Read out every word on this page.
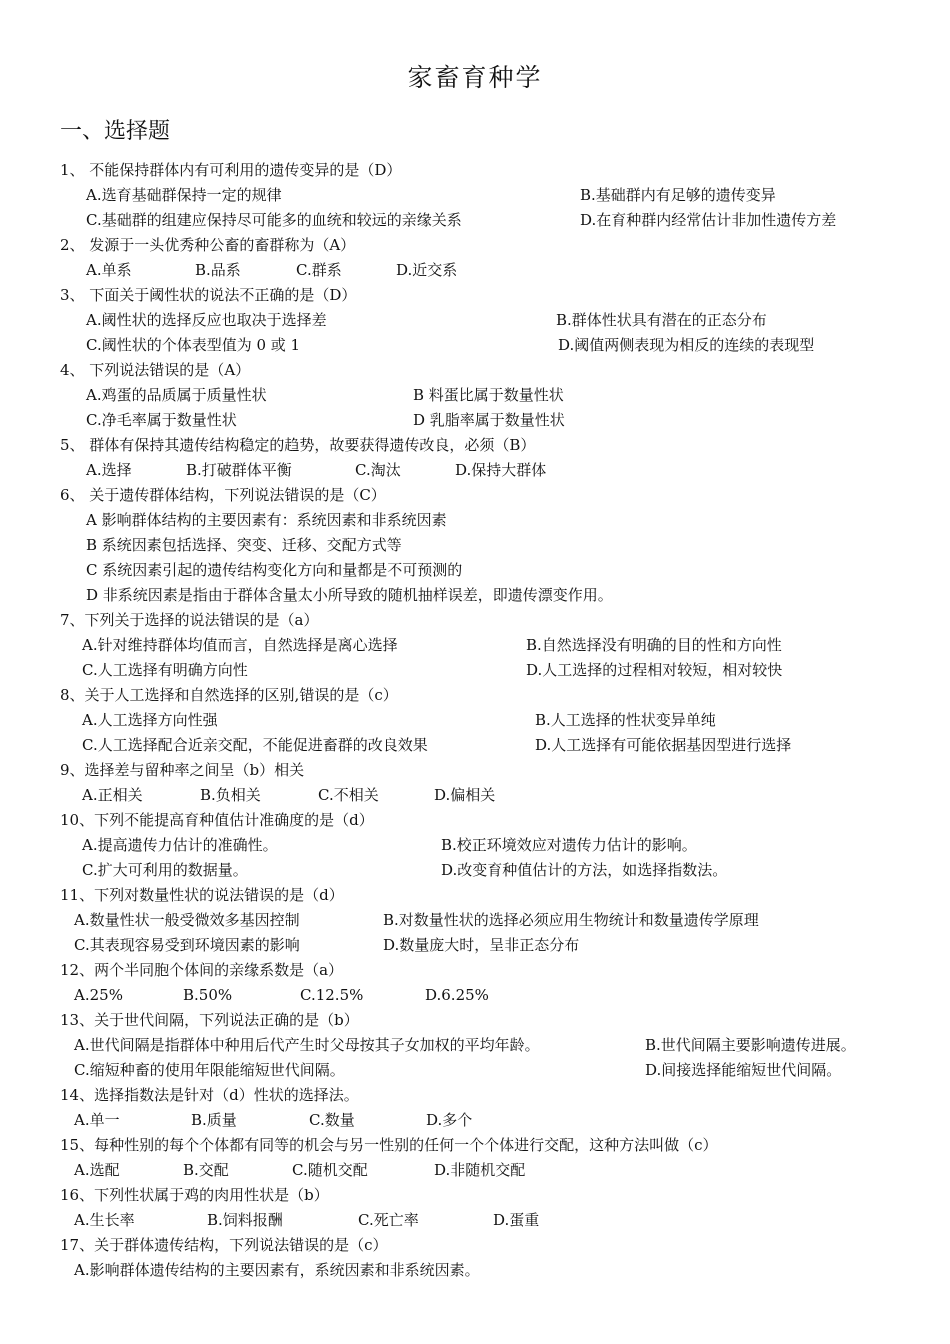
家畜育种学
一、选择题
1、 不能保持群体内有可利用的遗传变异的是（D）
A.选育基础群保持一定的规律	B.基础群内有足够的遗传变异
C.基础群的组建应保持尽可能多的血统和较远的亲缘关系	D.在育种群内经常估计非加性遗传方差
2、 发源于一头优秀种公畜的畜群称为（A）
A.单系	B.品系	C.群系	D.近交系
3、 下面关于阈性状的说法不正确的是（D）
A.阈性状的选择反应也取决于选择差	B.群体性状具有潜在的正态分布
C.阈性状的个体表型值为 0 或 1	D.阈值两侧表现为相反的连续的表现型
4、 下列说法错误的是（A）
A.鸡蛋的品质属于质量性状	B 料蛋比属于数量性状
C.净毛率属于数量性状	D 乳脂率属于数量性状
5、 群体有保持其遗传结构稳定的趋势，故要获得遗传改良，必须（B）
A.选择	B.打破群体平衡	C.淘汰	D.保持大群体
6、 关于遗传群体结构，下列说法错误的是（C）
A 影响群体结构的主要因素有：系统因素和非系统因素
B 系统因素包括选择、突变、迁移、交配方式等
C 系统因素引起的遗传结构变化方向和量都是不可预测的
D 非系统因素是指由于群体含量太小所导致的随机抽样误差，即遗传漂变作用。
7、下列关于选择的说法错误的是（a）
A.针对维持群体均值而言，自然选择是离心选择	B.自然选择没有明确的目的性和方向性
C.人工选择有明确方向性	D.人工选择的过程相对较短，相对较快
8、关于人工选择和自然选择的区别,错误的是（c）
A.人工选择方向性强	B.人工选择的性状变异单纯
C.人工选择配合近亲交配，不能促进畜群的改良效果	D.人工选择有可能依据基因型进行选择
9、选择差与留种率之间呈（b）相关
A.正相关	B.负相关	C.不相关	D.偏相关
10、下列不能提高育种值估计准确度的是（d）
A.提高遗传力估计的准确性。	B.校正环境效应对遗传力估计的影响。
C.扩大可利用的数据量。	D.改变育种值估计的方法，如选择指数法。
11、下列对数量性状的说法错误的是（d）
A.数量性状一般受微效多基因控制	B.对数量性状的选择必须应用生物统计和数量遗传学原理
C.其表现容易受到环境因素的影响	D.数量庞大时，呈非正态分布
12、两个半同胞个体间的亲缘系数是（a）
A.25%	B.50%	C.12.5%	D.6.25%
13、关于世代间隔，下列说法正确的是（b）
A.世代间隔是指群体中种用后代产生时父母按其子女加权的平均年龄。	B.世代间隔主要影响遗传进展。
C.缩短种畜的使用年限能缩短世代间隔。	D.间接选择能缩短世代间隔。
14、选择指数法是针对（d）性状的选择法。
A.单一	B.质量	C.数量	D.多个
15、每种性别的每个个体都有同等的机会与另一性别的任何一个个体进行交配，这种方法叫做（c）
A.选配	B.交配	C.随机交配	D.非随机交配
16、下列性状属于鸡的肉用性状是（b）
A.生长率	B.饲料报酬	C.死亡率	D.蛋重
17、关于群体遗传结构，下列说法错误的是（c）
A.影响群体遗传结构的主要因素有，系统因素和非系统因素。
